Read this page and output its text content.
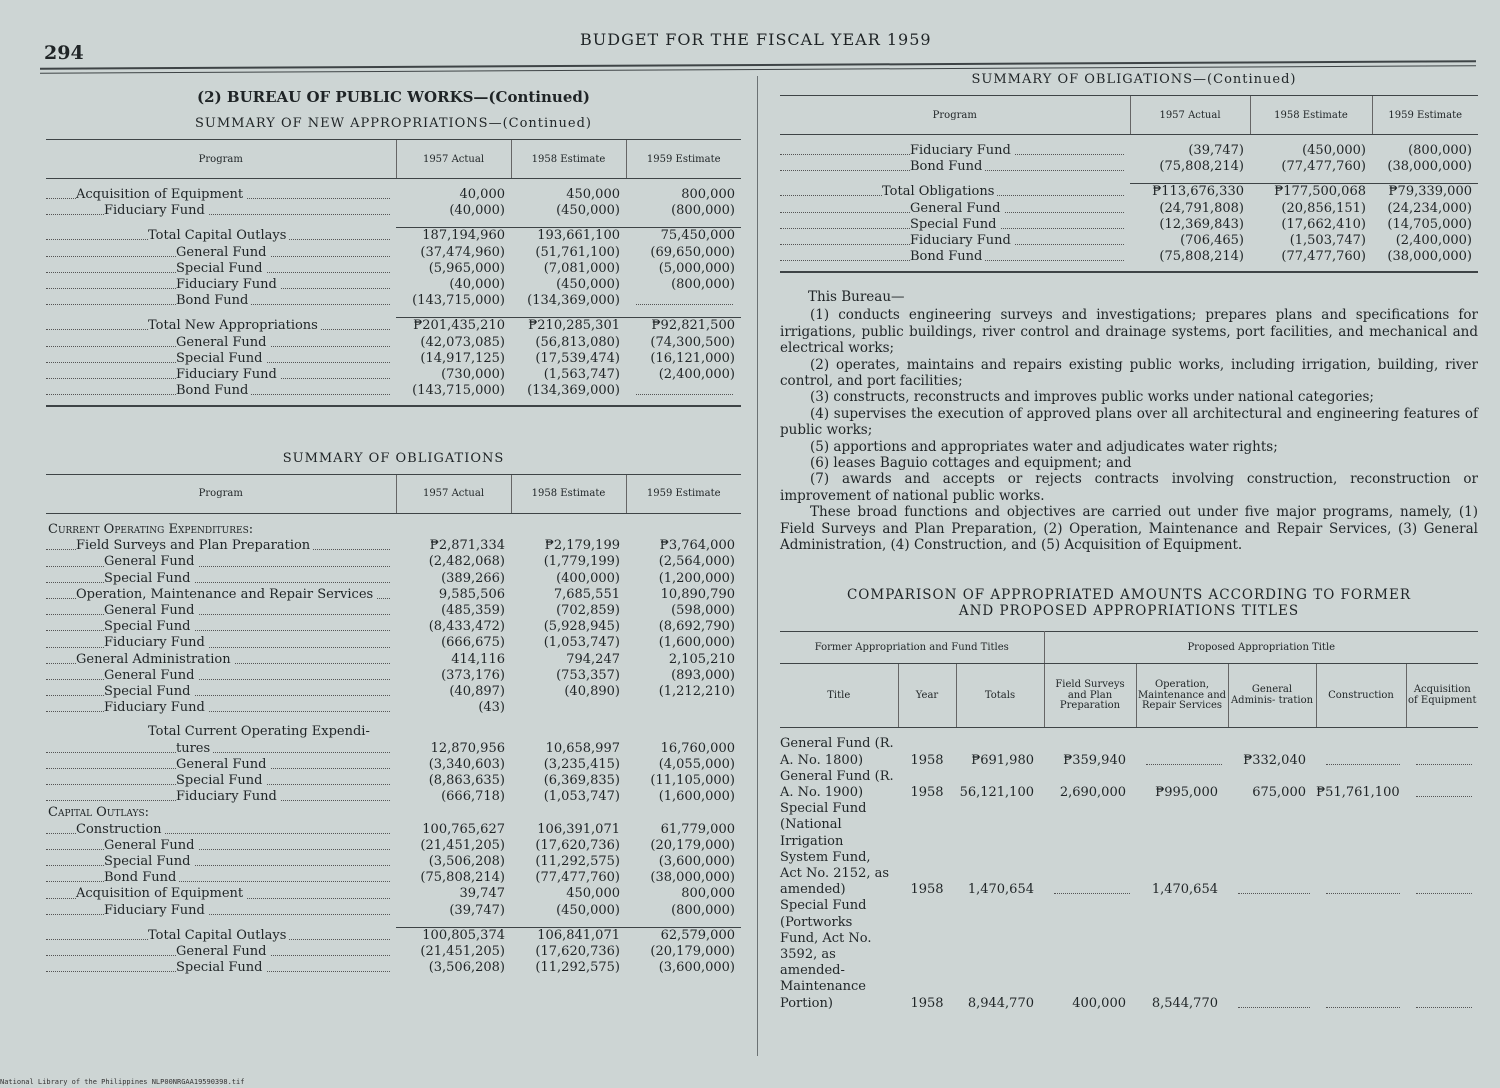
294
BUDGET FOR THE FISCAL YEAR 1959
(2) BUREAU OF PUBLIC WORKS—(Continued)
SUMMARY OF NEW APPROPRIATIONS—(Continued)
Program	1957 Actual	1958 Estimate	1959 Estimate

Acquisition of Equipment	40,000	450,000	800,000

Fiduciary Fund	(40,000)	(450,000)	(800,000)

Total Capital Outlays	187,194,960	193,661,100	75,450,000

General Fund	(37,474,960)	(51,761,100)	(69,650,000)

Special Fund	(5,965,000)	(7,081,000)	(5,000,000)

Fiduciary Fund	(40,000)	(450,000)	(800,000)

Bond Fund	(143,715,000)	(134,369,000)	

Total New Appropriations	₱201,435,210	₱210,285,301	₱92,821,500

General Fund	(42,073,085)	(56,813,080)	(74,300,500)

Special Fund	(14,917,125)	(17,539,474)	(16,121,000)

Fiduciary Fund	(730,000)	(1,563,747)	(2,400,000)

Bond Fund	(143,715,000)	(134,369,000)	
SUMMARY OF OBLIGATIONS
Program	1957 Actual	1958 Estimate	1959 Estimate

Current Operating Expenditures:			

Field Surveys and Plan Preparation	₱2,871,334	₱2,179,199	₱3,764,000

General Fund	(2,482,068)	(1,779,199)	(2,564,000)

Special Fund	(389,266)	(400,000)	(1,200,000)

Operation, Maintenance and Repair Services	9,585,506	7,685,551	10,890,790

General Fund	(485,359)	(702,859)	(598,000)

Special Fund	(8,433,472)	(5,928,945)	(8,692,790)

Fiduciary Fund	(666,675)	(1,053,747)	(1,600,000)

General Administration	414,116	794,247	2,105,210

General Fund	(373,176)	(753,357)	(893,000)

Special Fund	(40,897)	(40,890)	(1,212,210)

Fiduciary Fund	(43)		

Total Current Operating Expendi-			

tures	12,870,956	10,658,997	16,760,000

General Fund	(3,340,603)	(3,235,415)	(4,055,000)

Special Fund	(8,863,635)	(6,369,835)	(11,105,000)

Fiduciary Fund	(666,718)	(1,053,747)	(1,600,000)

Capital Outlays:			

Construction	100,765,627	106,391,071	61,779,000

General Fund	(21,451,205)	(17,620,736)	(20,179,000)

Special Fund	(3,506,208)	(11,292,575)	(3,600,000)

Bond Fund	(75,808,214)	(77,477,760)	(38,000,000)

Acquisition of Equipment	39,747	450,000	800,000

Fiduciary Fund	(39,747)	(450,000)	(800,000)

Total Capital Outlays	100,805,374	106,841,071	62,579,000

General Fund	(21,451,205)	(17,620,736)	(20,179,000)

Special Fund	(3,506,208)	(11,292,575)	(3,600,000)
SUMMARY OF OBLIGATIONS—(Continued)
Program	1957 Actual	1958 Estimate	1959 Estimate

Fiduciary Fund	(39,747)	(450,000)	(800,000)

Bond Fund	(75,808,214)	(77,477,760)	(38,000,000)

Total Obligations	₱113,676,330	₱177,500,068	₱79,339,000

General Fund	(24,791,808)	(20,856,151)	(24,234,000)

Special Fund	(12,369,843)	(17,662,410)	(14,705,000)

Fiduciary Fund	(706,465)	(1,503,747)	(2,400,000)

Bond Fund	(75,808,214)	(77,477,760)	(38,000,000)

This Bureau—

(1) conducts engineering surveys and investigations; prepares plans and specifications for irrigations, public buildings, river control and drainage systems, port facilities, and mechanical and electrical works;

(2) operates, maintains and repairs existing public works, including irrigation, building, river control, and port facilities;

(3) constructs, reconstructs and improves public works under national categories;

(4) supervises the execution of approved plans over all architectural and engineering features of public works;

(5) apportions and appropriates water and adjudicates water rights;

(6) leases Baguio cottages and equipment; and

(7) awards and accepts or rejects contracts involving construction, reconstruction or improvement of national public works.

These broad functions and objectives are carried out under five major programs, namely, (1) Field Surveys and Plan Preparation, (2) Operation, Maintenance and Repair Services, (3) General Administration, (4) Construction, and (5) Acquisition of Equipment.

COMPARISON OF APPROPRIATED AMOUNTS ACCORDING TO FORMER
AND PROPOSED APPROPRIATIONS TITLES
Former Appropriation and Fund Titles			Proposed Appropriation Title				
Title	Year	Totals	Field Surveys and Plan Preparation	Operation, Maintenance and Repair Services	General Adminis- tration	Construction	Acquisition of Equipment

General Fund (R. A. No. 1800)	1958	₱691,980	₱359,940		₱332,040	

General Fund (R. A. No. 1900)	1958	56,121,100	2,690,000	₱995,000	675,000	₱51,761,100	

Special Fund (National Irrigation System Fund, Act No. 2152, as amended)	1958	1,470,654		1,470,654	

Special Fund (Portworks Fund, Act No. 3592, as amended-Maintenance Portion)	1958	8,944,770	400,000	8,544,770	

National Library of the Philippines NLP00NRGAA19590398.tif
